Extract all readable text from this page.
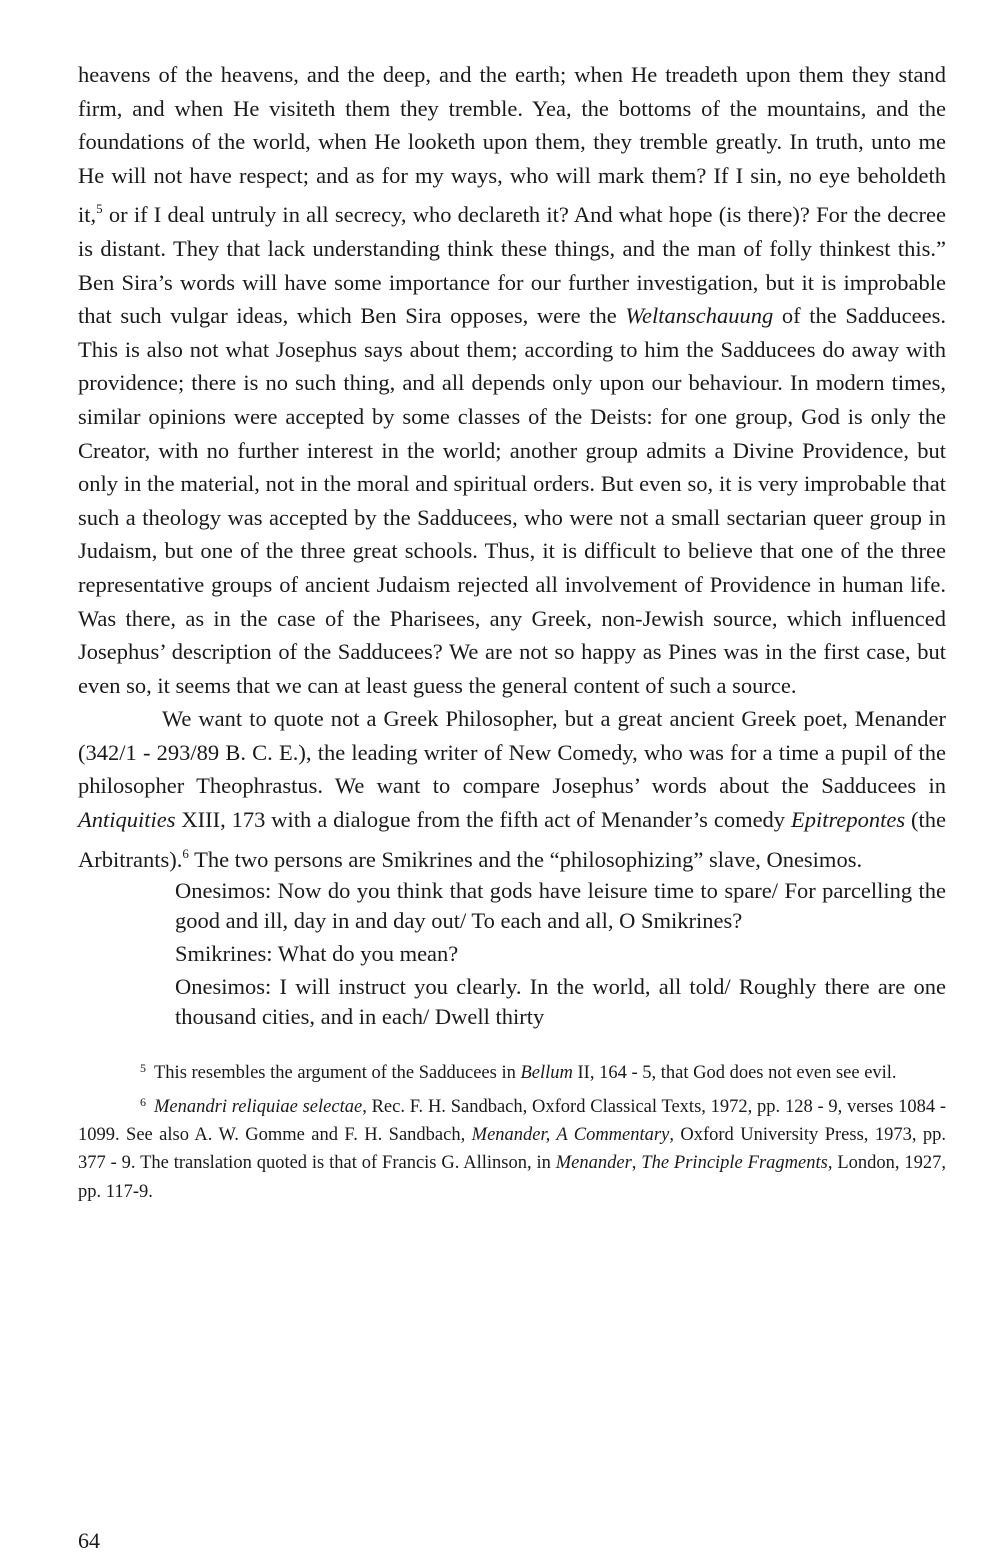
heavens of the heavens, and the deep, and the earth; when He treadeth upon them they stand firm, and when He visiteth them they tremble. Yea, the bottoms of the mountains, and the foundations of the world, when He looketh upon them, they tremble greatly. In truth, unto me He will not have respect; and as for my ways, who will mark them? If I sin, no eye beholdeth it,$^5$ or if I deal untruly in all secrecy, who declareth it? And what hope (is there)? For the decree is distant. They that lack understanding think these things, and the man of folly thinkest this.” Ben Sira’s words will have some importance for our further investigation, but it is improbable that such vulgar ideas, which Ben Sira opposes, were the Weltanschauung of the Sadducees. This is also not what Josephus says about them; according to him the Sadducees do away with providence; there is no such thing, and all depends only upon our behaviour. In modern times, similar opinions were accepted by some classes of the Deists: for one group, God is only the Creator, with no further interest in the world; another group admits a Divine Providence, but only in the material, not in the moral and spiritual orders. But even so, it is very improbable that such a theology was accepted by the Sadducees, who were not a small sectarian queer group in Judaism, but one of the three great schools. Thus, it is difficult to believe that one of the three representative groups of ancient Judaism rejected all involvement of Providence in human life. Was there, as in the case of the Pharisees, any Greek, non-Jewish source, which influenced Josephus’ description of the Sadducees? We are not so happy as Pines was in the first case, but even so, it seems that we can at least guess the general content of such a source.

We want to quote not a Greek Philosopher, but a great ancient Greek poet, Menander (342/1 - 293/89 B. C. E.), the leading writer of New Comedy, who was for a time a pupil of the philosopher Theophrastus. We want to compare Josephus’ words about the Sadducees in Antiquities XIII, 173 with a dialogue from the fifth act of Menander’s comedy Epitrepontes (the Arbitrants).$^6$ The two persons are Smikrines and the “philosophizing” slave, Onesimos.

Onesimos: Now do you think that gods have leisure time to spare/ For parcelling the good and ill, day in and day out/ To each and all, O Smikrines?

Smikrines: What do you mean?

Onesimos: I will instruct you clearly. In the world, all told/ Roughly there are one thousand cities, and in each/ Dwell thirty

$^5$ This resembles the argument of the Sadducees in Bellum II, 164 - 5, that God does not even see evil.

$^6$ Menandri reliquiae selectae, Rec. F. H. Sandbach, Oxford Classical Texts, 1972, pp. 128 - 9, verses 1084 - 1099. See also A. W. Gomme and F. H. Sandbach, Menander, A Commentary, Oxford University Press, 1973, pp. 377 - 9. The translation quoted is that of Francis G. Allinson, in Menander, The Principle Fragments, London, 1927, pp. 117-9.

64
